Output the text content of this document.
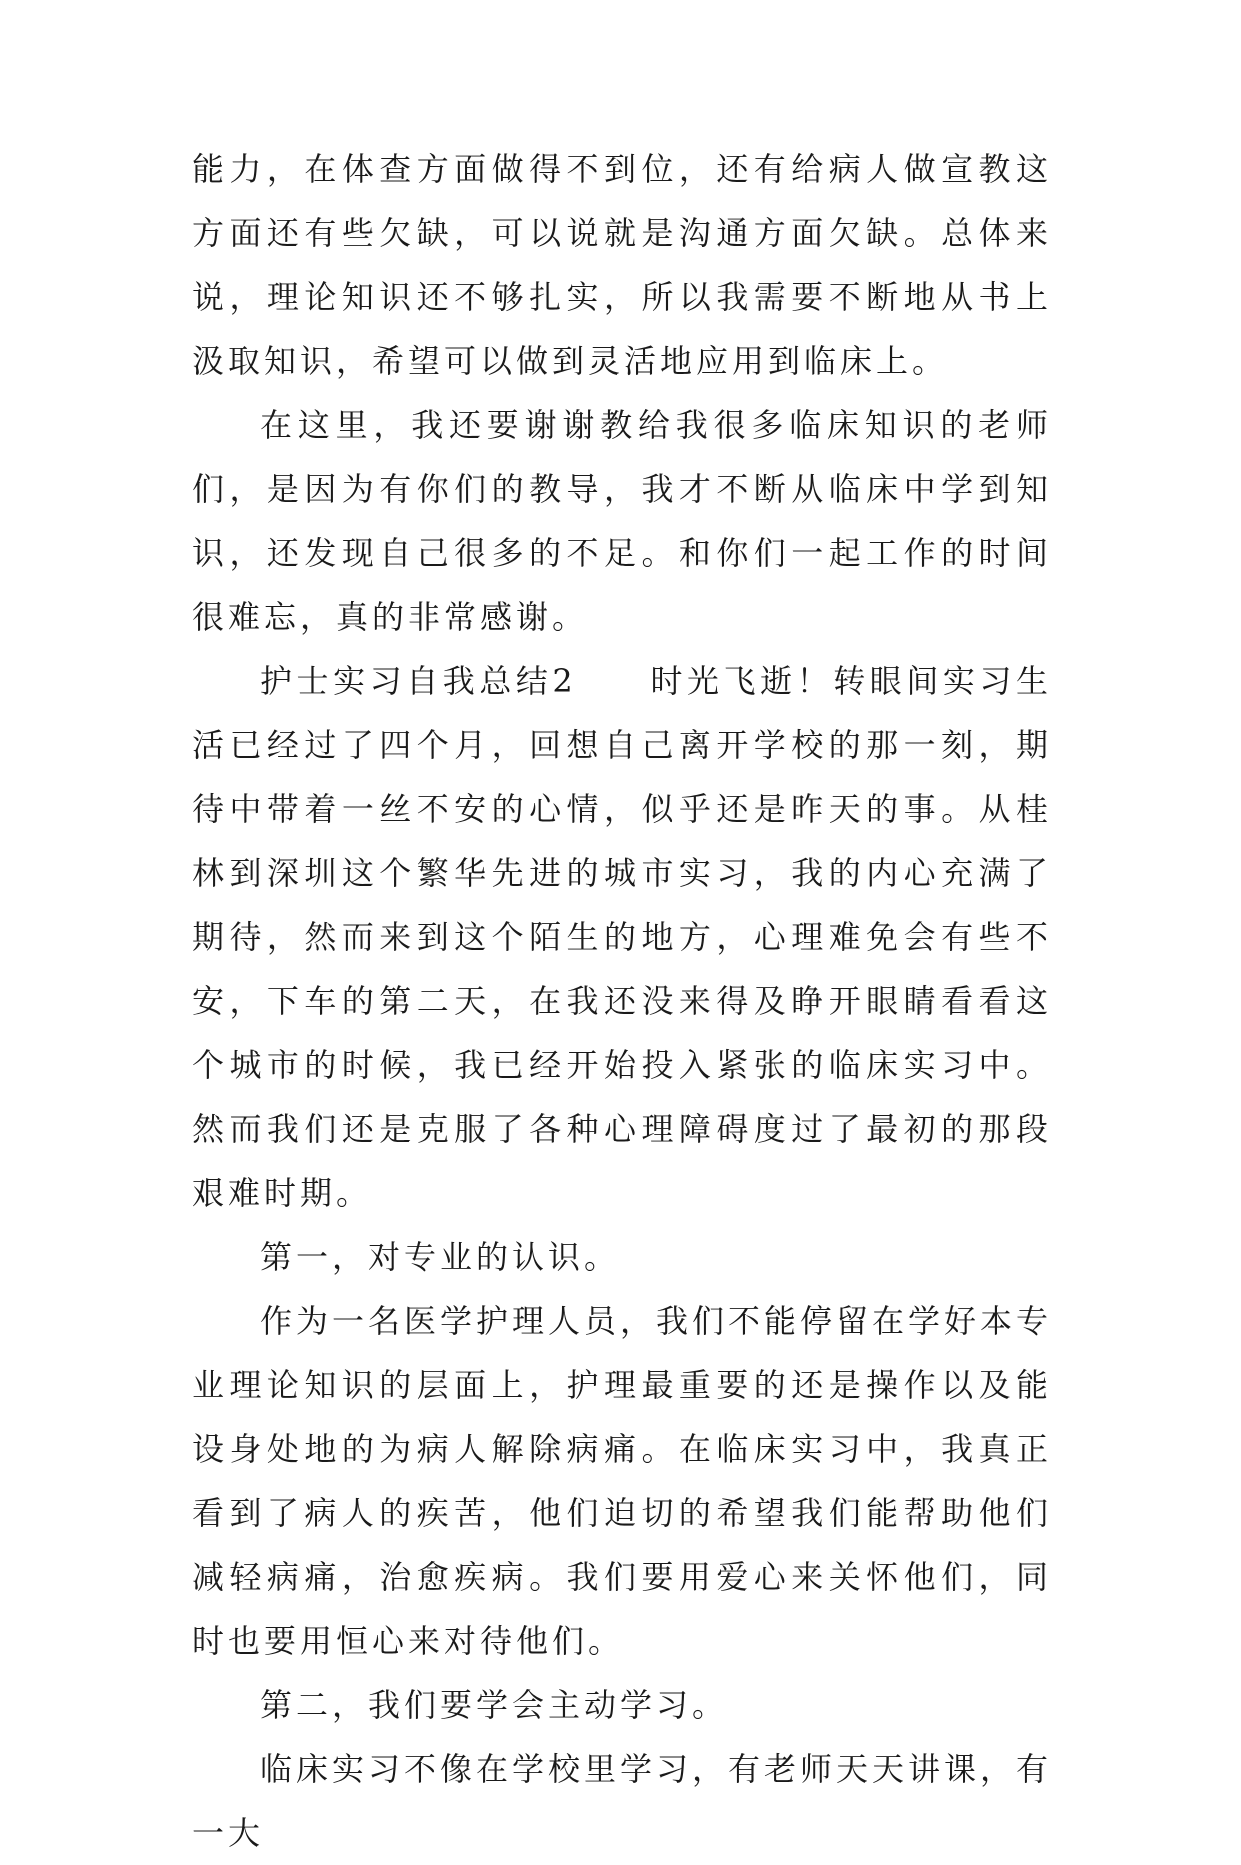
能力，在体查方面做得不到位，还有给病人做宣教这方面还有些欠缺，可以说就是沟通方面欠缺。总体来说，理论知识还不够扎实，所以我需要不断地从书上汲取知识，希望可以做到灵活地应用到临床上。

在这里，我还要谢谢教给我很多临床知识的老师们，是因为有你们的教导，我才不断从临床中学到知识，还发现自己很多的不足。和你们一起工作的时间很难忘，真的非常感谢。

护士实习自我总结2　　时光飞逝！转眼间实习生活已经过了四个月，回想自己离开学校的那一刻，期待中带着一丝不安的心情，似乎还是昨天的事。从桂林到深圳这个繁华先进的城市实习，我的内心充满了期待，然而来到这个陌生的地方，心理难免会有些不安，下车的第二天，在我还没来得及睁开眼睛看看这个城市的时候，我已经开始投入紧张的临床实习中。然而我们还是克服了各种心理障碍度过了最初的那段艰难时期。

第一，对专业的认识。

作为一名医学护理人员，我们不能停留在学好本专业理论知识的层面上，护理最重要的还是操作以及能设身处地的为病人解除病痛。在临床实习中，我真正看到了病人的疾苦，他们迫切的希望我们能帮助他们减轻病痛，治愈疾病。我们要用爱心来关怀他们，同时也要用恒心来对待他们。

第二，我们要学会主动学习。

临床实习不像在学校里学习，有老师天天讲课，有一大
